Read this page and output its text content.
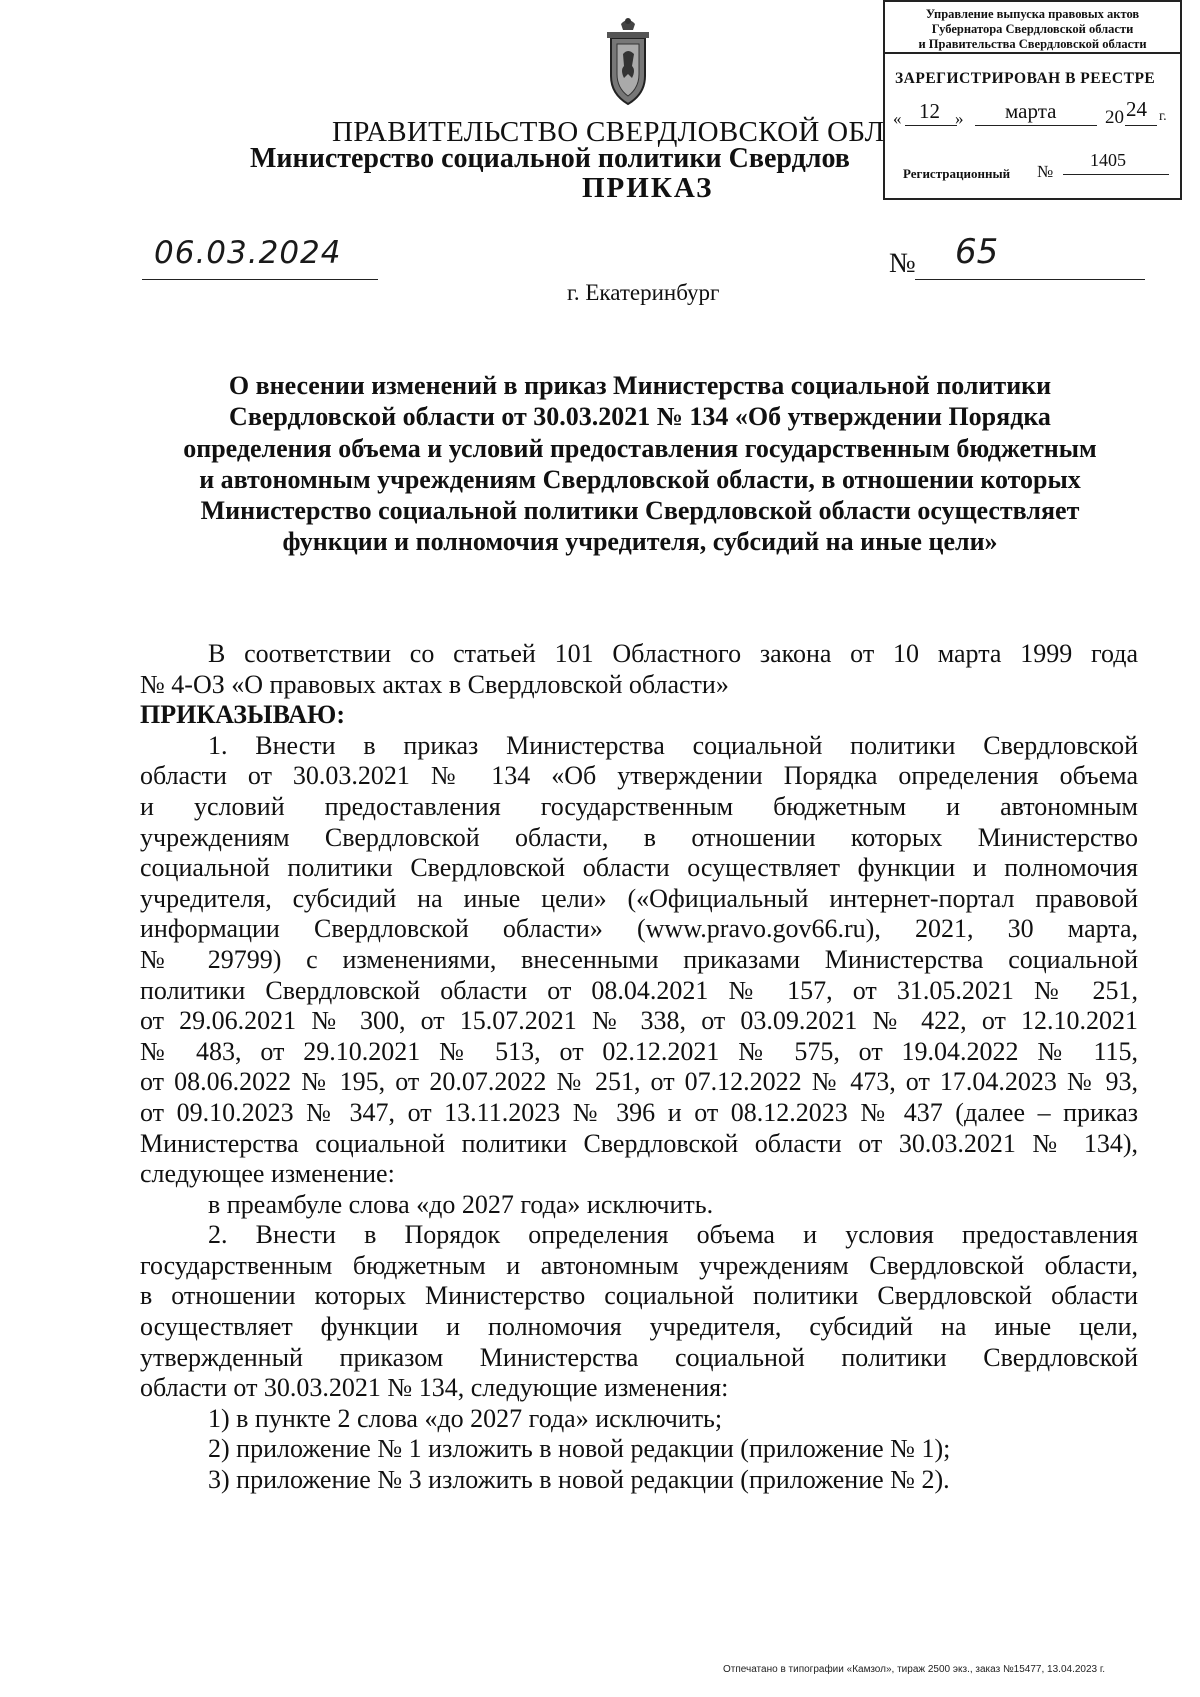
Управление выпуска правовых актов
Губернатора Свердловской области
и Правительства Свердловской области
ЗАРЕГИСТРИРОВАН В РЕЕСТРЕ
« 12 » марта	20 24 г.
Регистрационный №
1405
ПРАВИТЕЛЬСТВО СВЕРДЛОВСКОЙ ОБЛ
Министерство социальной политики Свердлов
ПРИКАЗ
06.03.2024	№ 65
г. Екатеринбург
О внесении изменений в приказ Министерства социальной политики
Свердловской области от 30.03.2021 № 134 «Об утверждении Порядка
определения объема и условий предоставления государственным бюджетным
и автономным учреждениям Свердловской области, в отношении которых
Министерство социальной политики Свердловской области осуществляет
функции и полномочия учредителя, субсидий на иные цели»
В соответствии со статьей 101 Областного закона от 10 марта 1999 года
№ 4-ОЗ «О правовых актах в Свердловской области»
ПРИКАЗЫВАЮ:
1. Внести в приказ Министерства социальной политики Свердловской
области от 30.03.2021 № 134 «Об утверждении Порядка определения объема
и условий предоставления государственным бюджетным и автономным
учреждениям Свердловской области, в отношении которых Министерство
социальной политики Свердловской области осуществляет функции и полномочия
учредителя, субсидий на иные цели» («Официальный интернет-портал правовой
информации Свердловской области» (www.pravo.gov66.ru), 2021, 30 марта,
№ 29799) с изменениями, внесенными приказами Министерства социальной
политики Свердловской области от 08.04.2021 № 157, от 31.05.2021 № 251,
от 29.06.2021 № 300, от 15.07.2021 № 338, от 03.09.2021 № 422, от 12.10.2021
№ 483, от 29.10.2021 № 513, от 02.12.2021 № 575, от 19.04.2022 № 115,
от 08.06.2022 № 195, от 20.07.2022 № 251, от 07.12.2022 № 473, от 17.04.2023 № 93,
от 09.10.2023 № 347, от 13.11.2023 № 396 и от 08.12.2023 № 437 (далее – приказ
Министерства социальной политики Свердловской области от 30.03.2021 № 134),
следующее изменение:
в преамбуле слова «до 2027 года» исключить.
2. Внести в Порядок определения объема и условия предоставления
государственным бюджетным и автономным учреждениям Свердловской области,
в отношении которых Министерство социальной политики Свердловской области
осуществляет функции и полномочия учредителя, субсидий на иные цели,
утвержденный приказом Министерства социальной политики Свердловской
области от 30.03.2021 № 134, следующие изменения:
1) в пункте 2 слова «до 2027 года» исключить;
2) приложение № 1 изложить в новой редакции (приложение № 1);
3) приложение № 3 изложить в новой редакции (приложение № 2).
Отпечатано в типографии «Камзол», тираж 2500 экз., заказ №15477, 13.04.2023 г.
